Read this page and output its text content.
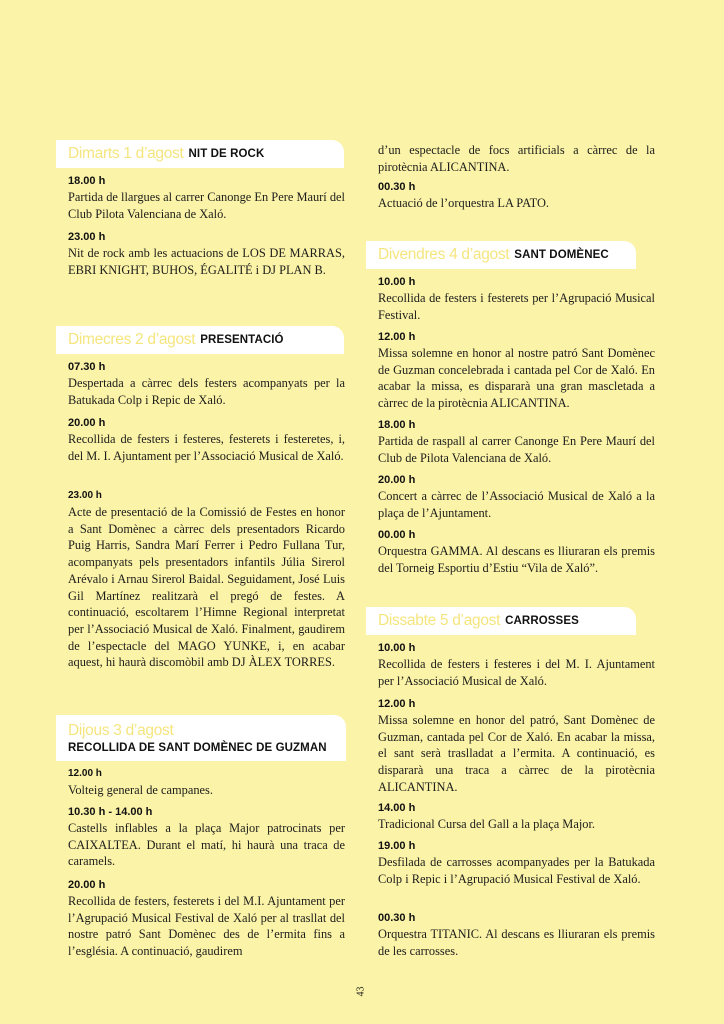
Dimarts 1 d’agost NIT DE ROCK
18.00 h
Partida de llargues al carrer Canonge En Pere Maurí del Club Pilota Valenciana de Xaló.
23.00 h
Nit de rock amb les actuacions de LOS DE MARRAS, EBRI KNIGHT, BUHOS, ÉGALITÉ i DJ PLAN B.
Dimecres 2 d’agost PRESENTACIÓ
07.30 h
Despertada a càrrec dels festers acompanyats per la Batukada Colp i Repic de Xaló.
20.00 h
Recollida de festers i festeres, festerets i festeretes, i, del M. I. Ajuntament per l’Associació Musical de Xaló.
23.00 h
Acte de presentació de la Comissió de Festes en honor a Sant Domènec a càrrec dels presentadors Ricardo Puig Harris, Sandra Marí Ferrer i Pedro Fullana Tur, acompanyats pels presentadors infantils Júlia Sirerol Arévalo i Arnau Sirerol Baidal. Seguidament, José Luis Gil Martínez realitzarà el pregó de festes. A continuació, escoltarem l’Himne Regional interpretat per l’Associació Musical de Xaló. Finalment, gaudirem de l’espectacle del MAGO YUNKE, i, en acabar aquest, hi haurà discomòbil amb DJ ÀLEX TORRES.
Dijous 3 d’agost
RECOLLIDA DE SANT DOMÈNEC DE GUZMAN
12.00 h
Volteig general de campanes.
10.30 h - 14.00 h
Castells inflables a la plaça Major patrocinats per CAIXALTEA. Durant el matí, hi haurà una traca de caramels.
20.00 h
Recollida de festers, festerets i del M.I. Ajuntament per l’Agrupació Musical Festival de Xaló per al trasllat del nostre patró Sant Domènec des de l’ermita fins a l’església. A continuació, gaudirem
d’un espectacle de focs artificials a càrrec de la pirotècnia ALICANTINA.
00.30 h
Actuació de l’orquestra LA PATO.
Divendres 4 d’agost SANT DOMÈNEC
10.00 h
Recollida de festers i festerets per l’Agrupació Musical Festival.
12.00 h
Missa solemne en honor al nostre patró Sant Domènec de Guzman concelebrada i cantada pel Cor de Xaló. En acabar la missa, es dispararà una gran mascletada a càrrec de la pirotècnia ALICANTINA.
18.00 h
Partida de raspall al carrer Canonge En Pere Maurí del Club de Pilota Valenciana de Xaló.
20.00 h
Concert a càrrec de l’Associació Musical de Xaló a la plaça de l’Ajuntament.
00.00 h
Orquestra GAMMA. Al descans es lliuraran els premis del Torneig Esportiu d’Estiu “Vila de Xaló”.
Dissabte 5 d’agost CARROSSES
10.00 h
Recollida de festers i festeres i del M. I. Ajuntament per l’Associació Musical de Xaló.
12.00 h
Missa solemne en honor del patró, Sant Domènec de Guzman, cantada pel Cor de Xaló. En acabar la missa, el sant serà traslladat a l’ermita. A continuació, es dispararà una traca a càrrec de la pirotècnia ALICANTINA.
14.00 h
Tradicional Cursa del Gall a la plaça Major.
19.00 h
Desfilada de carrosses acompanyades per la Batukada Colp i Repic i l’Agrupació Musical Festival de Xaló.
00.30 h
Orquestra TITANIC. Al descans es lliuraran els premis de les carrosses.
43
